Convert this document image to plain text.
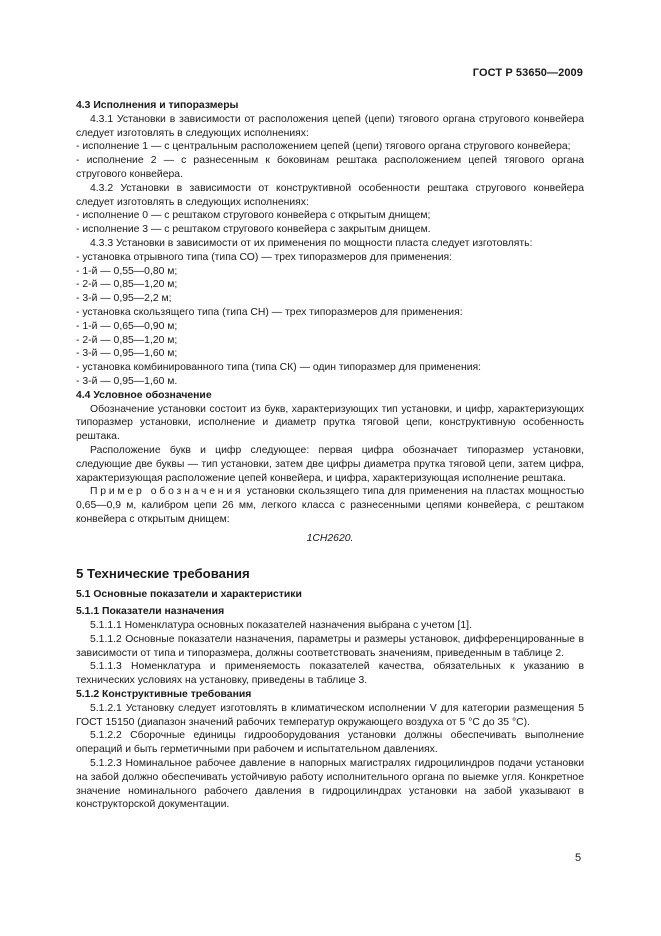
ГОСТ Р 53650—2009

4.3 Исполнения и типоразмеры

4.3.1 Установки в зависимости от расположения цепей (цепи) тягового органа стругового конвейера следует изготовлять в следующих исполнениях:

- исполнение 1 — с центральным расположением цепей (цепи) тягового органа стругового конвейера;

- исполнение 2 — с разнесенным к боковинам рештака расположением цепей тягового органа стругового конвейера.

4.3.2 Установки в зависимости от конструктивной особенности рештака стругового конвейера следует изготовлять в следующих исполнениях:

- исполнение 0 — с рештаком стругового конвейера с открытым днищем;

- исполнение 3 — с рештаком стругового конвейера с закрытым днищем.

4.3.3 Установки в зависимости от их применения по мощности пласта следует изготовлять:

- установка отрывного типа (типа СО) — трех типоразмеров для применения:

- 1-й — 0,55—0,80 м;

- 2-й — 0,85—1,20 м;

- 3-й — 0,95—2,2 м;

- установка скользящего типа (типа СН) — трех типоразмеров для применения:

- 1-й — 0,65—0,90 м;

- 2-й — 0,85—1,20 м;

- 3-й — 0,95—1,60 м;

- установка комбинированного типа (типа СК) — один типоразмер для применения:

- 3-й — 0,95—1,60 м.

4.4 Условное обозначение

Обозначение установки состоит из букв, характеризующих тип установки, и цифр, характеризующих типоразмер установки, исполнение и диаметр прутка тяговой цепи, конструктивную особенность рештака.

Расположение букв и цифр следующее: первая цифра обозначает типоразмер установки, следующие две буквы — тип установки, затем две цифры диаметра прутка тяговой цепи, затем цифра, характеризующая расположение цепей конвейера, и цифра, характеризующая исполнение рештака.

Пример обозначения установки скользящего типа для применения на пластах мощностью 0,65—0,9 м, калибром цепи 26 мм, легкого класса с разнесенными цепями конвейера, с рештаком конвейера с открытым днищем:

1СН2620.

5 Технические требования

5.1 Основные показатели и характеристики

5.1.1 Показатели назначения

5.1.1.1 Номенклатура основных показателей назначения выбрана с учетом [1].

5.1.1.2 Основные показатели назначения, параметры и размеры установок, дифференцированные в зависимости от типа и типоразмера, должны соответствовать значениям, приведенным в таблице 2.

5.1.1.3 Номенклатура и применяемость показателей качества, обязательных к указанию в технических условиях на установку, приведены в таблице 3.

5.1.2 Конструктивные требования

5.1.2.1 Установку следует изготовлять в климатическом исполнении V для категории размещения 5 ГОСТ 15150 (диапазон значений рабочих температур окружающего воздуха от 5 °С до 35 °С).

5.1.2.2 Сборочные единицы гидрооборудования установки должны обеспечивать выполнение операций и быть герметичными при рабочем и испытательном давлениях.

5.1.2.3 Номинальное рабочее давление в напорных магистралях гидроцилиндров подачи установки на забой должно обеспечивать устойчивую работу исполнительного органа по выемке угля. Конкретное значение номинального рабочего давления в гидроцилиндрах установки на забой указывают в конструкторской документации.

5
